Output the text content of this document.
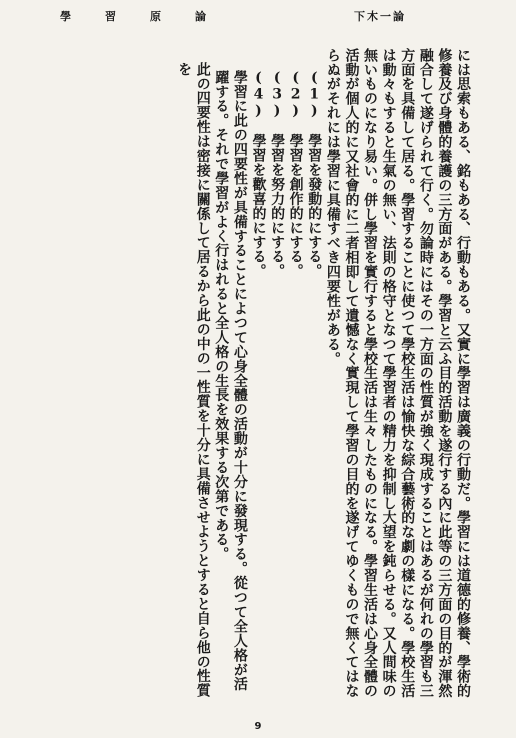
學習原論	下木一論

には思索もある、銘もある、行動もある。又實に學習は廣義の行動だ。學習には道德的修養、學術的修養及び身體的養護の三方面がある。學習と云ふ目的活動を遂行する內に此等の三方面の目的が渾然融合して遂げられて行く。勿論時にはその一方面の性質が強く現成することはあるが何れの學習も三方面を具備して居る。學習することに使つて學校生活は愉快な綜合藝術的な劇の樣になる。學校生活は動々もすると生氣の無い、法則の格守となつて學習者の精力を抑制し大望を鈍らせる。又人間味の無いものになり易い。併し學習を實行すると學校生活は生々したものになる。學習生活は心身全體の活動が個人的に又社會的に二者相即して遺憾なく實現して學習の目的を遂げてゆくもので無くてはならぬがそれには學習に具備すべき四要性がある。

(1)　學習を發動的にする。

(2)　學習を創作的にする。

(3)　學習を努力的にする。

(4)　學習を歡喜的にする。

學習に此の四要性が具備することによつて心身全體の活動が十分に發現する。從つて全人格が活躍する。それで學習がよく行はれると全人格の生長を效果する次第である。

此の四要性は密接に關係して居るから此の中の一性質を十分に具備させようとすると自ら他の性質を

9
